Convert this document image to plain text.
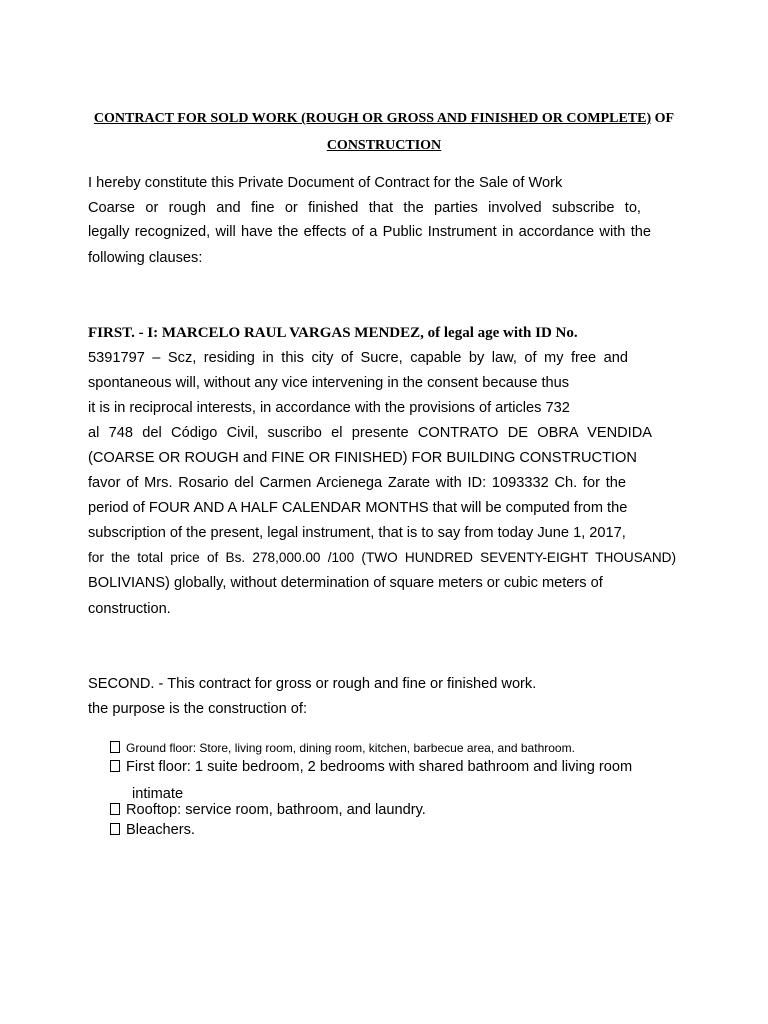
CONTRACT FOR SOLD WORK (ROUGH OR GROSS AND FINISHED OR COMPLETE) OF
CONSTRUCTION
I hereby constitute this Private Document of Contract for the Sale of Work
Coarse or rough and fine or finished that the parties involved subscribe to,
legally recognized, will have the effects of a Public Instrument in accordance with the
following clauses:
FIRST. - I: MARCELO RAUL VARGAS MENDEZ, of legal age with ID No.
5391797 – Scz, residing in this city of Sucre, capable by law, of my free and
spontaneous will, without any vice intervening in the consent because thus
it is in reciprocal interests, in accordance with the provisions of articles 732
al 748 del Código Civil, suscribo el presente CONTRATO DE OBRA VENDIDA
(COARSE OR ROUGH and FINE OR FINISHED) FOR BUILDING CONSTRUCTION
favor of Mrs. Rosario del Carmen Arcienega Zarate with ID: 1093332 Ch. for the
period of FOUR AND A HALF CALENDAR MONTHS that will be computed from the
subscription of the present, legal instrument, that is to say from today June 1, 2017,
for the total price of Bs. 278,000.00 /100 (TWO HUNDRED SEVENTY-EIGHT THOUSAND)
BOLIVIANS) globally, without determination of square meters or cubic meters of
construction.
SECOND. - This contract for gross or rough and fine or finished work.
the purpose is the construction of:
Ground floor: Store, living room, dining room, kitchen, barbecue area, and bathroom.
First floor: 1 suite bedroom, 2 bedrooms with shared bathroom and living room
intimate
Rooftop: service room, bathroom, and laundry.
Bleachers.
